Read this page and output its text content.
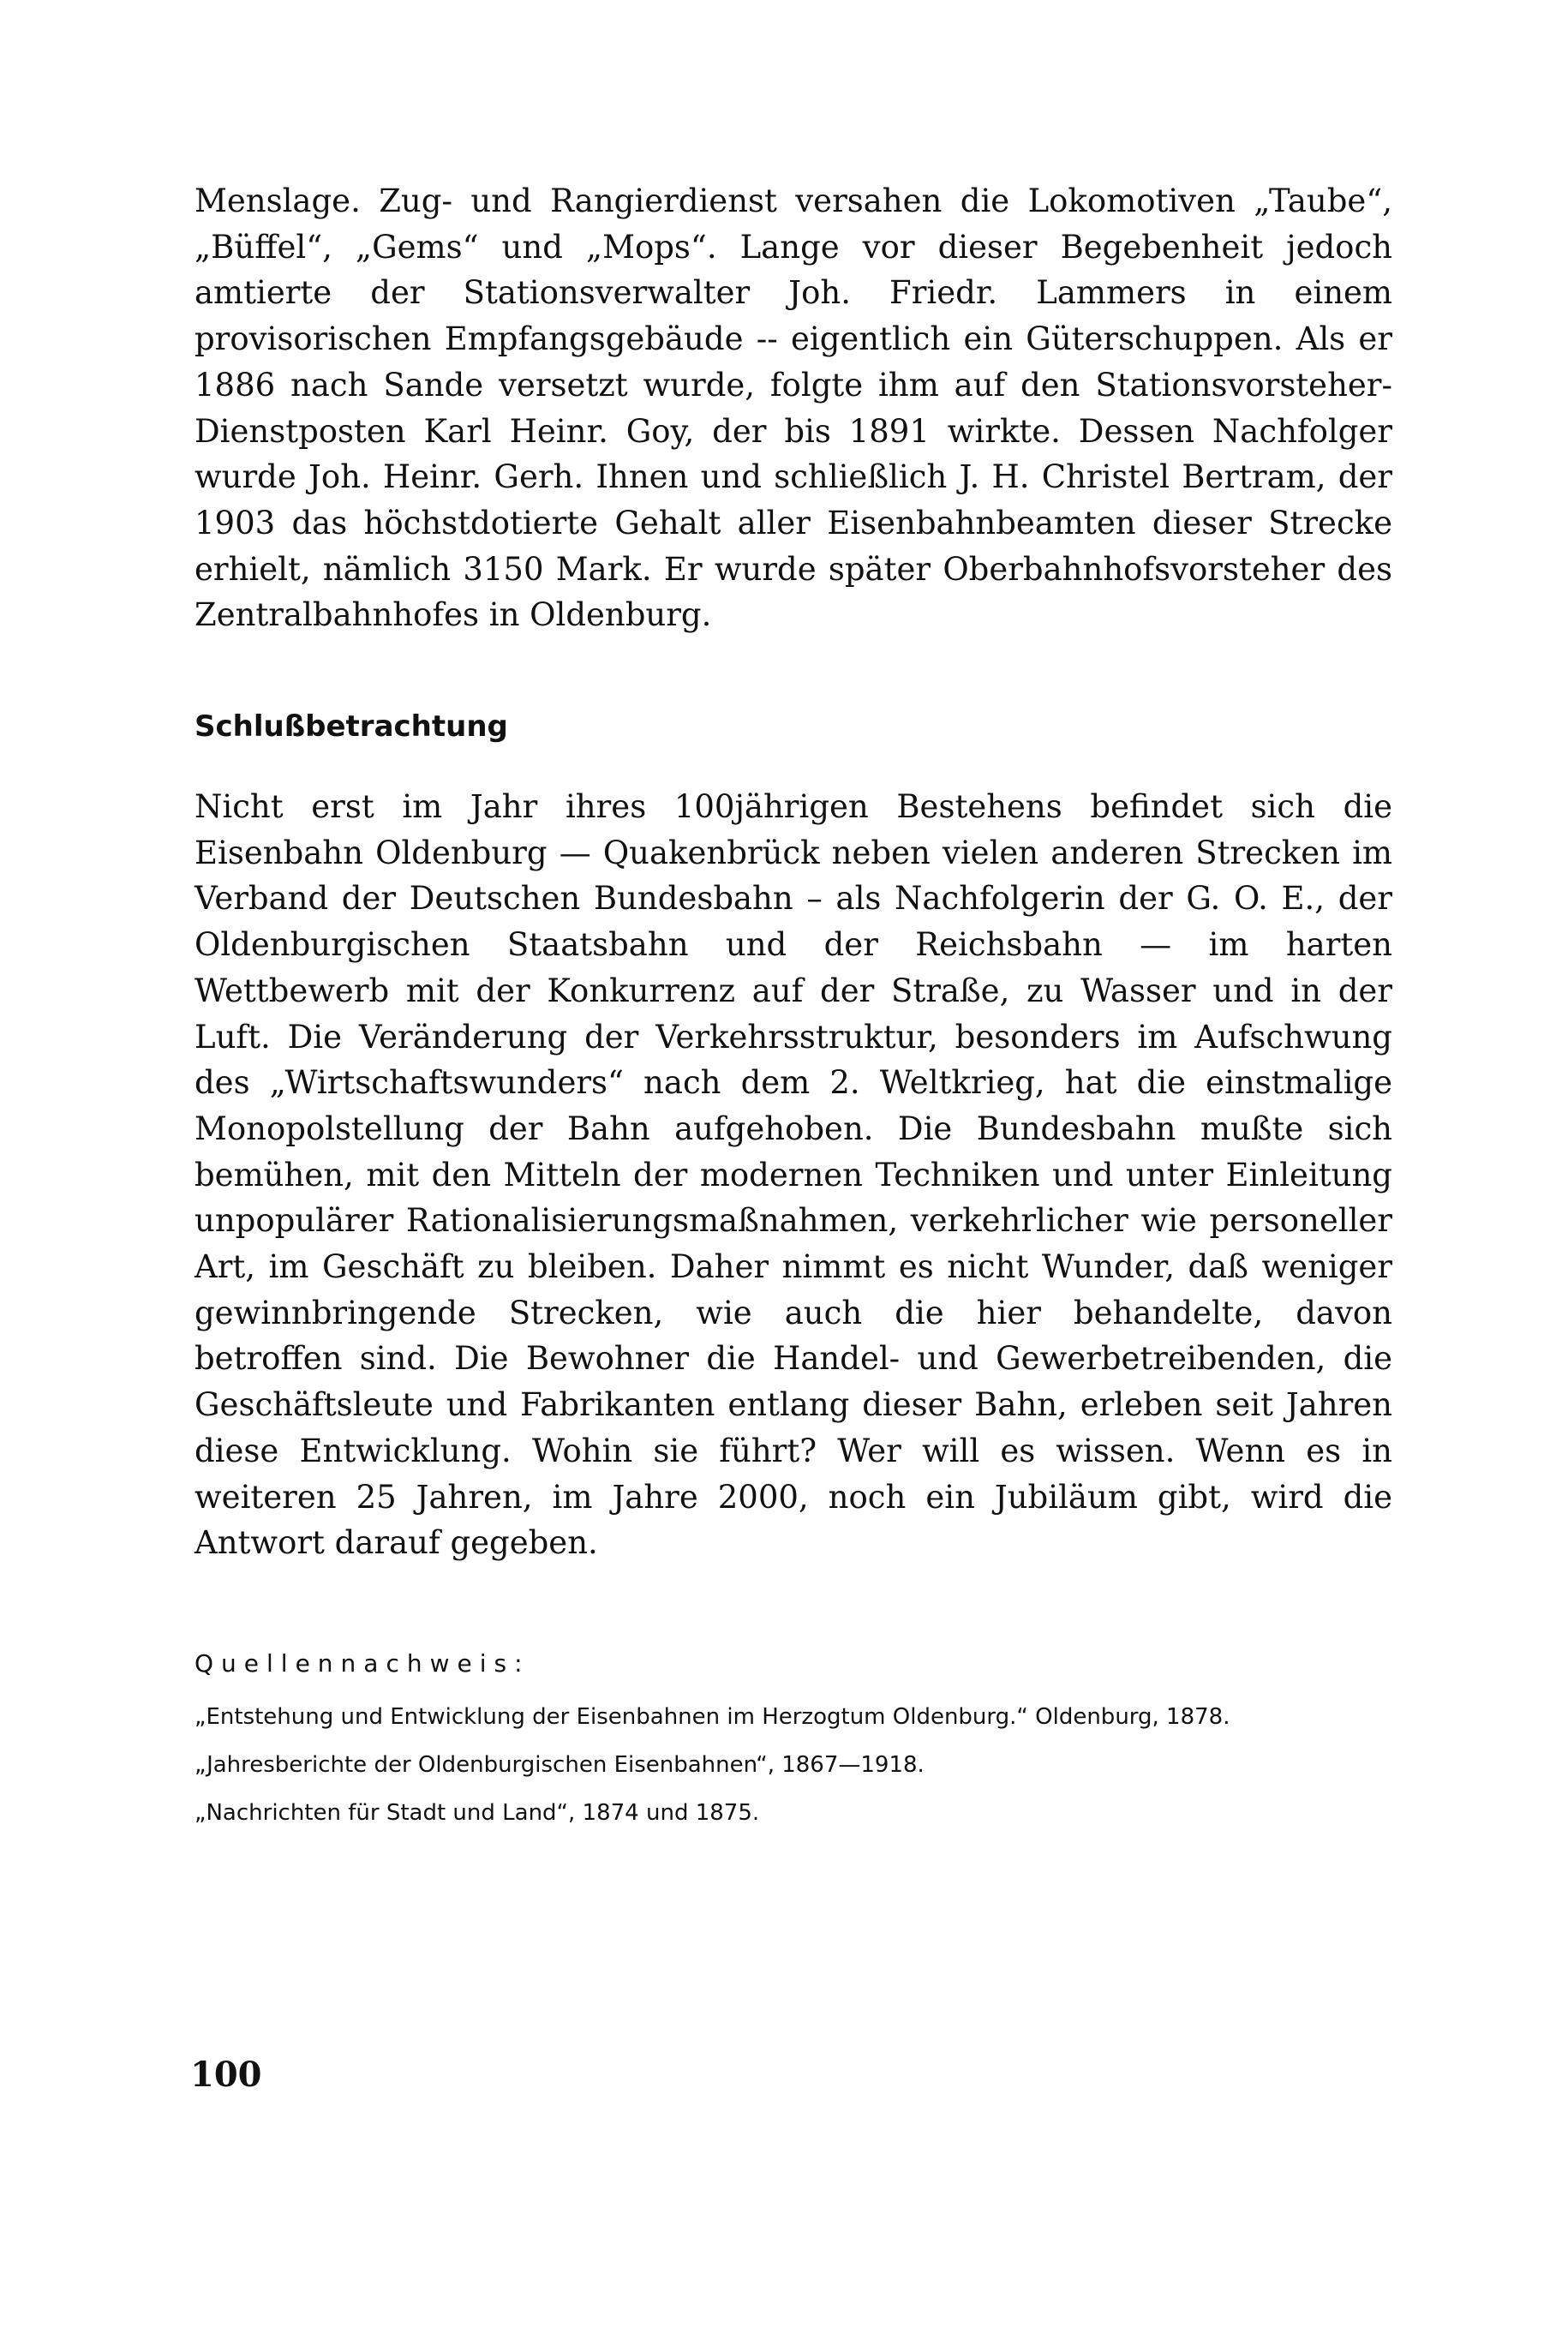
Menslage. Zug- und Rangierdienst versahen die Lokomotiven „Taube“, „Büffel“, „Gems“ und „Mops“. Lange vor dieser Begebenheit jedoch amtierte der Stationsverwalter Joh. Friedr. Lammers in einem provisorischen Empfangsgebäude -- eigentlich ein Güterschuppen. Als er 1886 nach Sande versetzt wurde, folgte ihm auf den Stationsvorsteher-Dienstposten Karl Heinr. Goy, der bis 1891 wirkte. Dessen Nachfolger wurde Joh. Heinr. Gerh. Ihnen und schließlich J. H. Christel Bertram, der 1903 das höchstdotierte Gehalt aller Eisenbahnbeamten dieser Strecke erhielt, nämlich 3150 Mark. Er wurde später Oberbahnhofsvorsteher des Zentralbahnhofes in Oldenburg.

Schlußbetrachtung

Nicht erst im Jahr ihres 100jährigen Bestehens befindet sich die Eisenbahn Oldenburg — Quakenbrück neben vielen anderen Strecken im Verband der Deutschen Bundesbahn – als Nachfolgerin der G. O. E., der Oldenburgischen Staatsbahn und der Reichsbahn — im harten Wettbewerb mit der Konkurrenz auf der Straße, zu Wasser und in der Luft. Die Veränderung der Verkehrsstruktur, besonders im Aufschwung des „Wirtschaftswunders“ nach dem 2. Weltkrieg, hat die einstmalige Monopolstellung der Bahn aufgehoben. Die Bundesbahn mußte sich bemühen, mit den Mitteln der modernen Techniken und unter Einleitung unpopulärer Rationalisierungsmaßnahmen, verkehrlicher wie personeller Art, im Geschäft zu bleiben. Daher nimmt es nicht Wunder, daß weniger gewinnbringende Strecken, wie auch die hier behandelte, davon betroffen sind. Die Bewohner die Handel- und Gewerbetreibenden, die Geschäftsleute und Fabrikanten entlang dieser Bahn, erleben seit Jahren diese Entwicklung. Wohin sie führt? Wer will es wissen. Wenn es in weiteren 25 Jahren, im Jahre 2000, noch ein Jubiläum gibt, wird die Antwort darauf gegeben.

Quellennachweis:

„Entstehung und Entwicklung der Eisenbahnen im Herzogtum Oldenburg.“ Oldenburg, 1878.

„Jahresberichte der Oldenburgischen Eisenbahnen“, 1867—1918.

„Nachrichten für Stadt und Land“, 1874 und 1875.

100
